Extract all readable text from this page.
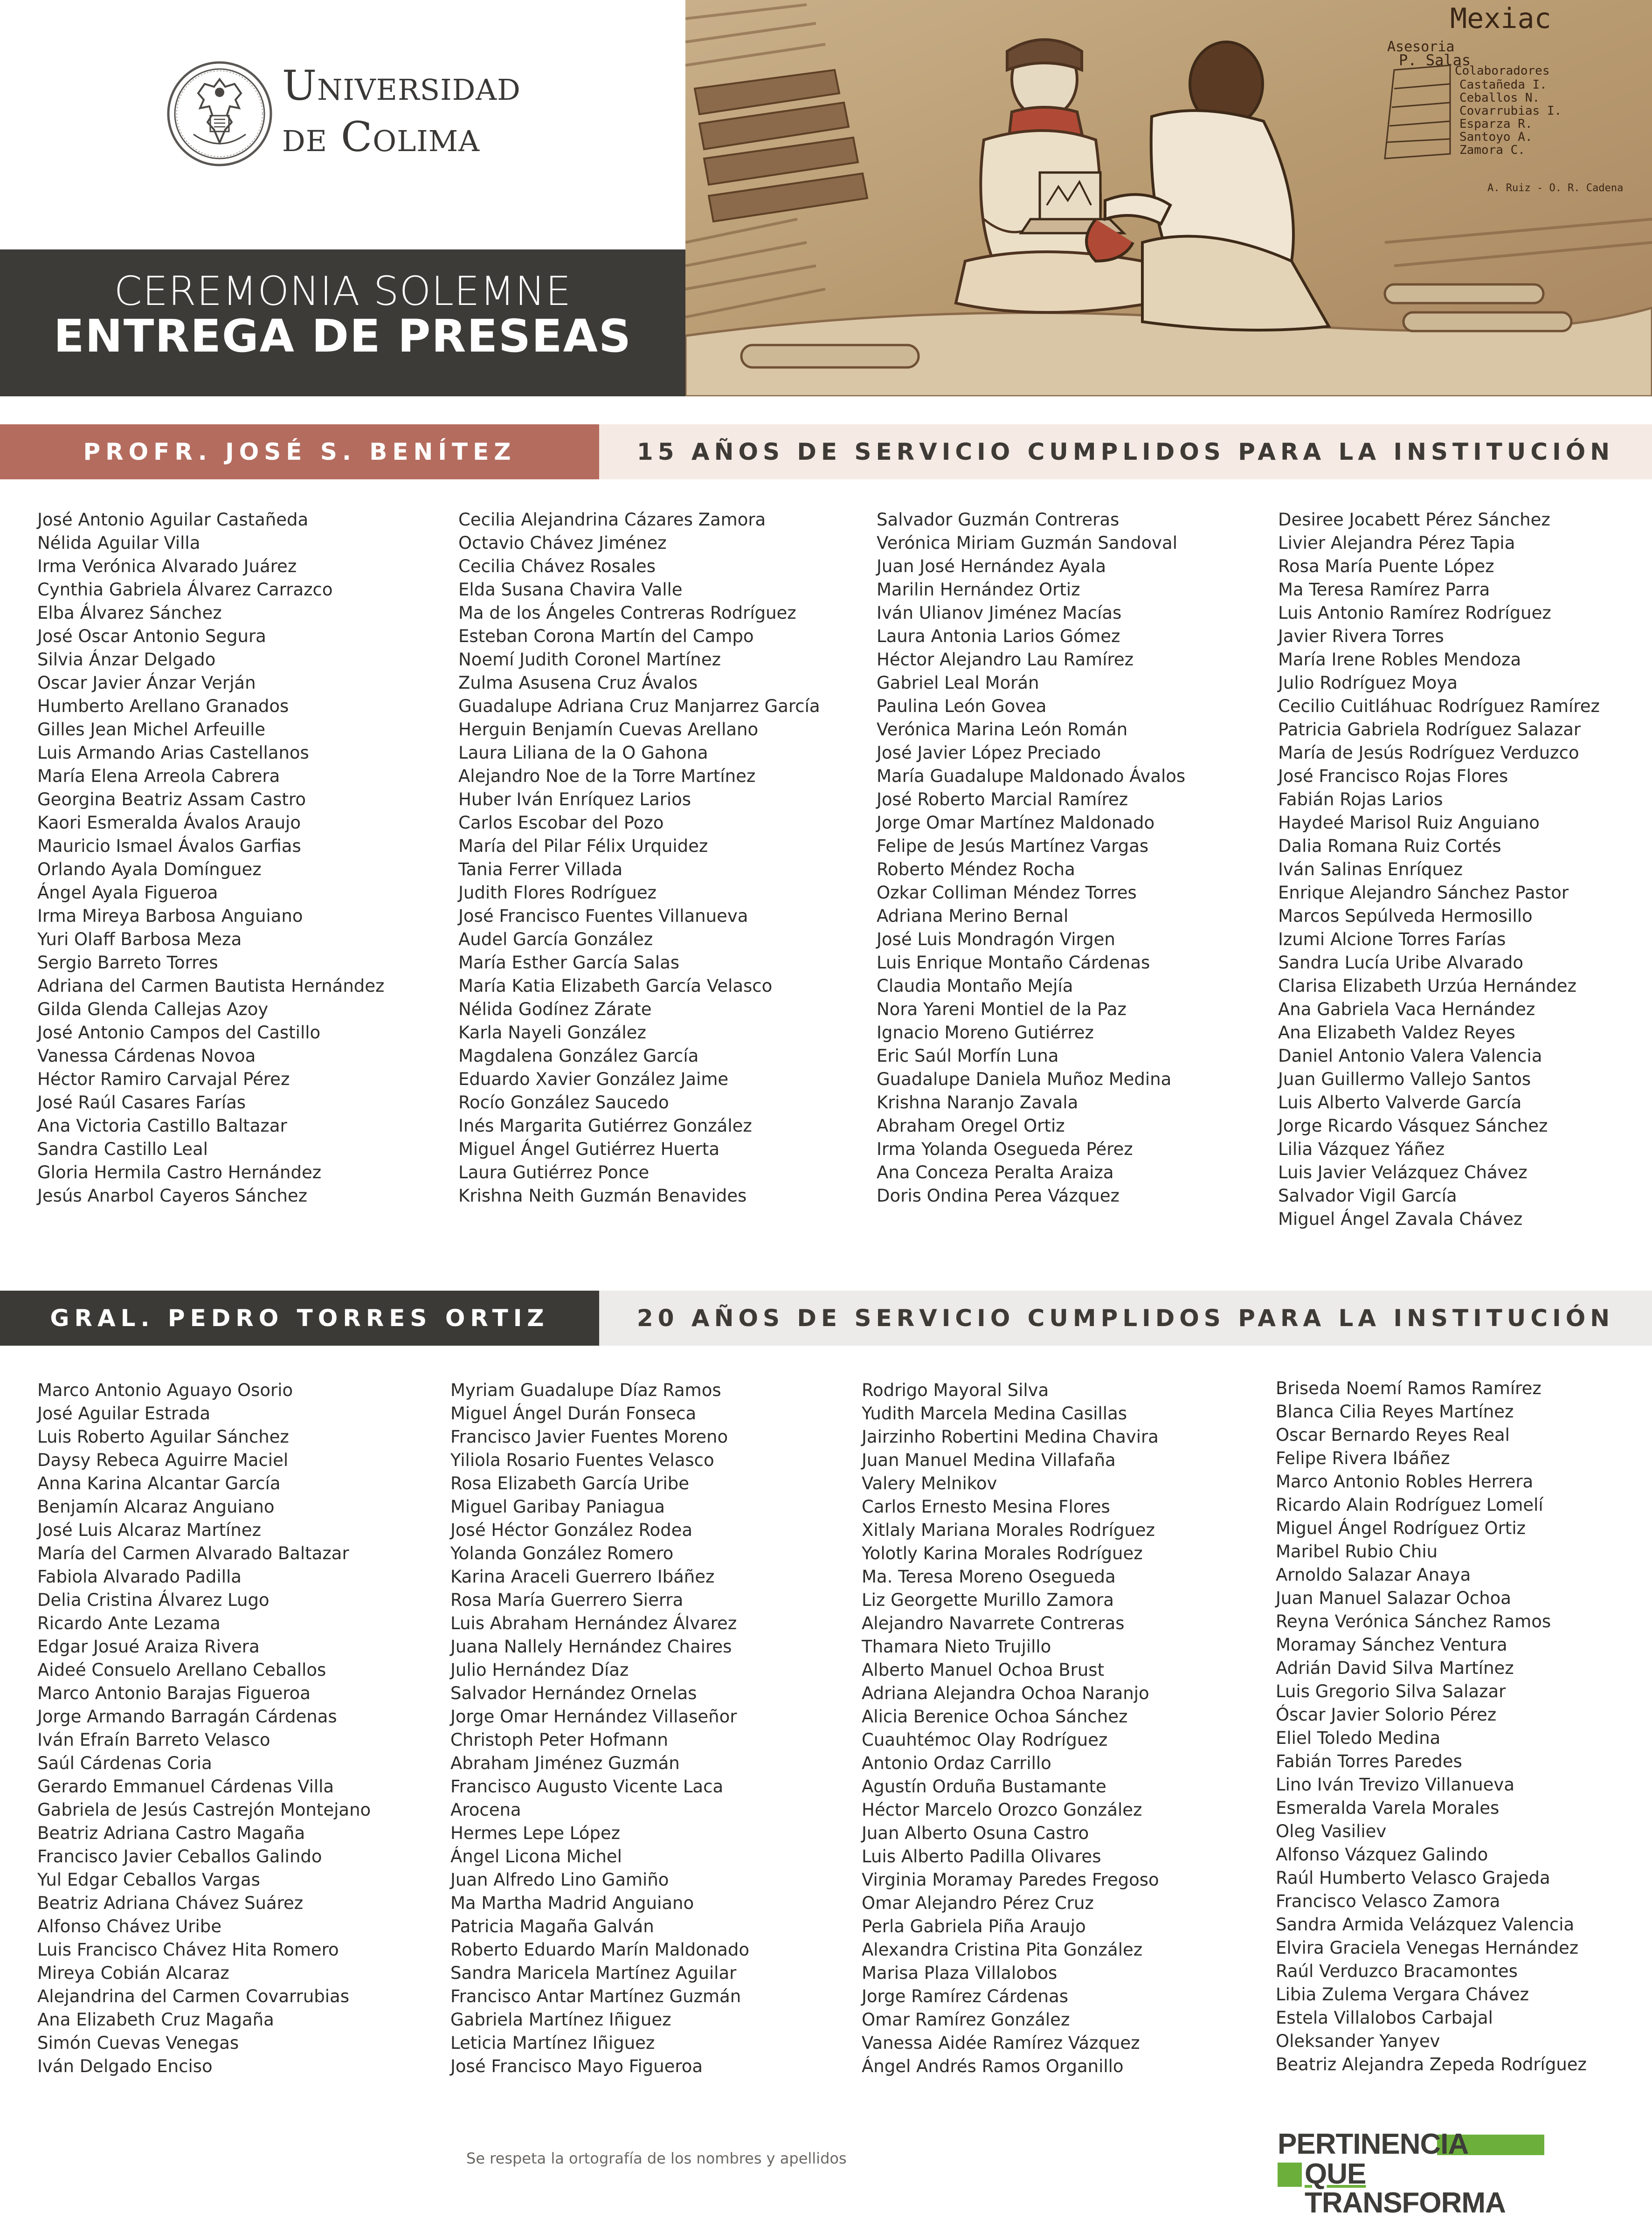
Universidad
de Colima
CEREMONIA SOLEMNE
ENTREGA DE PRESEAS
Mexiac
Asesoria
P. Salas
Colaboradores
Castañeda I.
Ceballos N.
Covarrubias I.
Esparza R.
Santoyo A.
Zamora C.
A. Ruiz - O. R. Cadena
PROFR. JOSÉ S. BENÍTEZ	15 AÑOS DE SERVICIO CUMPLIDOS PARA LA INSTITUCIÓN
José Antonio Aguilar Castañeda
Nélida Aguilar Villa
Irma Verónica Alvarado Juárez
Cynthia Gabriela Álvarez Carrazco
Elba Álvarez Sánchez
José Oscar Antonio Segura
Silvia Ánzar Delgado
Oscar Javier Ánzar Verján
Humberto Arellano Granados
Gilles Jean Michel Arfeuille
Luis Armando Arias Castellanos
María Elena Arreola Cabrera
Georgina Beatriz Assam Castro
Kaori Esmeralda Ávalos Araujo
Mauricio Ismael Ávalos Garfias
Orlando Ayala Domínguez
Ángel Ayala Figueroa
Irma Mireya Barbosa Anguiano
Yuri Olaff Barbosa Meza
Sergio Barreto Torres
Adriana del Carmen Bautista Hernández
Gilda Glenda Callejas Azoy
José Antonio Campos del Castillo
Vanessa Cárdenas Novoa
Héctor Ramiro Carvajal Pérez
José Raúl Casares Farías
Ana Victoria Castillo Baltazar
Sandra Castillo Leal
Gloria Hermila Castro Hernández
Jesús Anarbol Cayeros Sánchez
Cecilia Alejandrina Cázares Zamora
Octavio Chávez Jiménez
Cecilia Chávez Rosales
Elda Susana Chavira Valle
Ma de los Ángeles Contreras Rodríguez
Esteban Corona Martín del Campo
Noemí Judith Coronel Martínez
Zulma Asusena Cruz Ávalos
Guadalupe Adriana Cruz Manjarrez García
Herguin Benjamín Cuevas Arellano
Laura Liliana de la O Gahona
Alejandro Noe de la Torre Martínez
Huber Iván Enríquez Larios
Carlos Escobar del Pozo
María del Pilar Félix Urquidez
Tania Ferrer Villada
Judith Flores Rodríguez
José Francisco Fuentes Villanueva
Audel García González
María Esther García Salas
María Katia Elizabeth García Velasco
Nélida Godínez Zárate
Karla Nayeli González
Magdalena González García
Eduardo Xavier González Jaime
Rocío González Saucedo
Inés Margarita Gutiérrez González
Miguel Ángel Gutiérrez Huerta
Laura Gutiérrez Ponce
Krishna Neith Guzmán Benavides
Salvador Guzmán Contreras
Verónica Miriam Guzmán Sandoval
Juan José Hernández Ayala
Marilin Hernández Ortiz
Iván Ulianov Jiménez Macías
Laura Antonia Larios Gómez
Héctor Alejandro Lau Ramírez
Gabriel Leal Morán
Paulina León Govea
Verónica Marina León Román
José Javier López Preciado
María Guadalupe Maldonado Ávalos
José Roberto Marcial Ramírez
Jorge Omar Martínez Maldonado
Felipe de Jesús Martínez Vargas
Roberto Méndez Rocha
Ozkar Colliman Méndez Torres
Adriana Merino Bernal
José Luis Mondragón Virgen
Luis Enrique Montaño Cárdenas
Claudia Montaño Mejía
Nora Yareni Montiel de la Paz
Ignacio Moreno Gutiérrez
Eric Saúl Morfín Luna
Guadalupe Daniela Muñoz Medina
Krishna Naranjo Zavala
Abraham Oregel Ortiz
Irma Yolanda Osegueda Pérez
Ana Conceza Peralta Araiza
Doris Ondina Perea Vázquez
Desiree Jocabett Pérez Sánchez
Livier Alejandra Pérez Tapia
Rosa María Puente López
Ma Teresa Ramírez Parra
Luis Antonio Ramírez Rodríguez
Javier Rivera Torres
María Irene Robles Mendoza
Julio Rodríguez Moya
Cecilio Cuitláhuac Rodríguez Ramírez
Patricia Gabriela Rodríguez Salazar
María de Jesús Rodríguez Verduzco
José Francisco Rojas Flores
Fabián Rojas Larios
Haydeé Marisol Ruiz Anguiano
Dalia Romana Ruiz Cortés
Iván Salinas Enríquez
Enrique Alejandro Sánchez Pastor
Marcos Sepúlveda Hermosillo
Izumi Alcione Torres Farías
Sandra Lucía Uribe Alvarado
Clarisa Elizabeth Urzúa Hernández
Ana Gabriela Vaca Hernández
Ana Elizabeth Valdez Reyes
Daniel Antonio Valera Valencia
Juan Guillermo Vallejo Santos
Luis Alberto Valverde García
Jorge Ricardo Vásquez Sánchez
Lilia Vázquez Yáñez
Luis Javier Velázquez Chávez
Salvador Vigil García
Miguel Ángel Zavala Chávez
GRAL. PEDRO TORRES ORTIZ	20 AÑOS DE SERVICIO CUMPLIDOS PARA LA INSTITUCIÓN
Marco Antonio Aguayo Osorio
José Aguilar Estrada
Luis Roberto Aguilar Sánchez
Daysy Rebeca Aguirre Maciel
Anna Karina Alcantar García
Benjamín Alcaraz Anguiano
José Luis Alcaraz Martínez
María del Carmen Alvarado Baltazar
Fabiola Alvarado Padilla
Delia Cristina Álvarez Lugo
Ricardo Ante Lezama
Edgar Josué Araiza Rivera
Aideé Consuelo Arellano Ceballos
Marco Antonio Barajas Figueroa
Jorge Armando Barragán Cárdenas
Iván Efraín Barreto Velasco
Saúl Cárdenas Coria
Gerardo Emmanuel Cárdenas Villa
Gabriela de Jesús Castrejón Montejano
Beatriz Adriana Castro Magaña
Francisco Javier Ceballos Galindo
Yul Edgar Ceballos Vargas
Beatriz Adriana Chávez Suárez
Alfonso Chávez Uribe
Luis Francisco Chávez Hita Romero
Mireya Cobián Alcaraz
Alejandrina del Carmen Covarrubias
Ana Elizabeth Cruz Magaña
Simón Cuevas Venegas
Iván Delgado Enciso
Myriam Guadalupe Díaz Ramos
Miguel Ángel Durán Fonseca
Francisco Javier Fuentes Moreno
Yiliola Rosario Fuentes Velasco
Rosa Elizabeth García Uribe
Miguel Garibay Paniagua
José Héctor González Rodea
Yolanda González Romero
Karina Araceli Guerrero Ibáñez
Rosa María Guerrero Sierra
Luis Abraham Hernández Álvarez
Juana Nallely Hernández Chaires
Julio Hernández Díaz
Salvador Hernández Ornelas
Jorge Omar Hernández Villaseñor
Christoph Peter Hofmann
Abraham Jiménez Guzmán
Francisco Augusto Vicente Laca
Arocena
Hermes Lepe López
Ángel Licona Michel
Juan Alfredo Lino Gamiño
Ma Martha Madrid Anguiano
Patricia Magaña Galván
Roberto Eduardo Marín Maldonado
Sandra Maricela Martínez Aguilar
Francisco Antar Martínez Guzmán
Gabriela Martínez Iñiguez
Leticia Martínez Iñiguez
José Francisco Mayo Figueroa
Rodrigo Mayoral Silva
Yudith Marcela Medina Casillas
Jairzinho Robertini Medina Chavira
Juan Manuel Medina Villafaña
Valery Melnikov
Carlos Ernesto Mesina Flores
Xitlaly Mariana Morales Rodríguez
Yolotly Karina Morales Rodríguez
Ma. Teresa Moreno Osegueda
Liz Georgette Murillo Zamora
Alejandro Navarrete Contreras
Thamara Nieto Trujillo
Alberto Manuel Ochoa Brust
Adriana Alejandra Ochoa Naranjo
Alicia Berenice Ochoa Sánchez
Cuauhtémoc Olay Rodríguez
Antonio Ordaz Carrillo
Agustín Orduña Bustamante
Héctor Marcelo Orozco González
Juan Alberto Osuna Castro
Luis Alberto Padilla Olivares
Virginia Moramay Paredes Fregoso
Omar Alejandro Pérez Cruz
Perla Gabriela Piña Araujo
Alexandra Cristina Pita González
Marisa Plaza Villalobos
Jorge Ramírez Cárdenas
Omar Ramírez González
Vanessa Aidée Ramírez Vázquez
Ángel Andrés Ramos Organillo
Briseda Noemí Ramos Ramírez
Blanca Cilia Reyes Martínez
Oscar Bernardo Reyes Real
Felipe Rivera Ibáñez
Marco Antonio Robles Herrera
Ricardo Alain Rodríguez Lomelí
Miguel Ángel Rodríguez Ortiz
Maribel Rubio Chiu
Arnoldo Salazar Anaya
Juan Manuel Salazar Ochoa
Reyna Verónica Sánchez Ramos
Moramay Sánchez Ventura
Adrián David Silva Martínez
Luis Gregorio Silva Salazar
Óscar Javier Solorio Pérez
Eliel Toledo Medina
Fabián Torres Paredes
Lino Iván Trevizo Villanueva
Esmeralda Varela Morales
Oleg Vasiliev
Alfonso Vázquez Galindo
Raúl Humberto Velasco Grajeda
Francisco Velasco Zamora
Sandra Armida Velázquez Valencia
Elvira Graciela Venegas Hernández
Raúl Verduzco Bracamontes
Libia Zulema Vergara Chávez
Estela Villalobos Carbajal
Oleksander Yanyev
Beatriz Alejandra Zepeda Rodríguez
Se respeta la ortografía de los nombres y apellidos	PERTINENCIA
QUE TRANSFORMA
